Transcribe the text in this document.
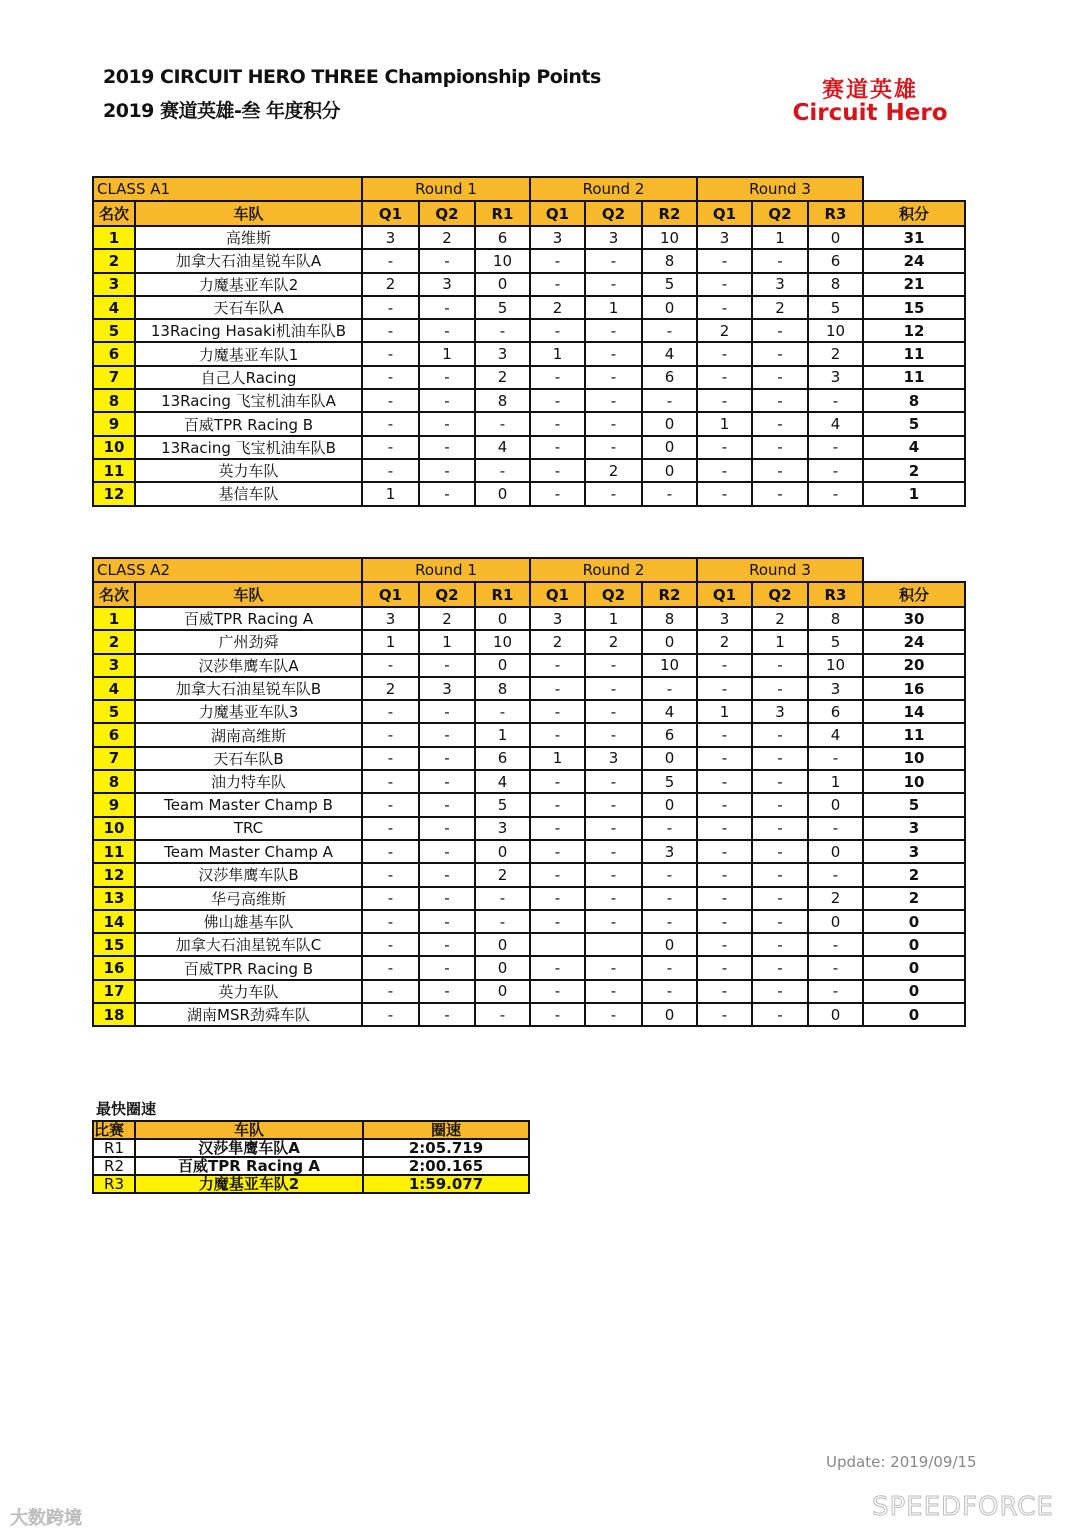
2019 CIRCUIT HERO THREE Championship Points
2019 赛道英雄-叁 年度积分
赛道英雄
Circuit Hero
CLASS A1		Round 1			Round 2			Round 3			
名次	车队	Q1	Q2	R1	Q1	Q2	R2	Q1	Q2	R3	积分
1	高维斯	3	2	6	3	3	10	3	1	0	31
2	加拿大石油星锐车队A	-	-	10	-	-	8	-	-	6	24
3	力魔基亚车队2	2	3	0	-	-	5	-	3	8	21
4	天石车队A	-	-	5	2	1	0	-	2	5	15
5	13Racing Hasaki机油车队B	-	-	-	-	-	-	2	-	10	12
6	力魔基亚车队1	-	1	3	1	-	4	-	-	2	11
7	自己人Racing	-	-	2	-	-	6	-	-	3	11
8	13Racing 飞宝机油车队A	-	-	8	-	-	-	-	-	-	8
9	百威TPR Racing B	-	-	-	-	-	0	1	-	4	5
10	13Racing 飞宝机油车队B	-	-	4	-	-	0	-	-	-	4
11	英力车队	-	-	-	-	2	0	-	-	-	2
12	基信车队	1	-	0	-	-	-	-	-	-	1
CLASS A2		Round 1			Round 2			Round 3			
名次	车队	Q1	Q2	R1	Q1	Q2	R2	Q1	Q2	R3	积分
1	百威TPR Racing A	3	2	0	3	1	8	3	2	8	30
2	广州劲舜	1	1	10	2	2	0	2	1	5	24
3	汉莎隼鹰车队A	-	-	0	-	-	10	-	-	10	20
4	加拿大石油星锐车队B	2	3	8	-	-	-	-	-	3	16
5	力魔基亚车队3	-	-	-	-	-	4	1	3	6	14
6	湖南高维斯	-	-	1	-	-	6	-	-	4	11
7	天石车队B	-	-	6	1	3	0	-	-	-	10
8	油力特车队	-	-	4	-	-	5	-	-	1	10
9	Team Master Champ B	-	-	5	-	-	0	-	-	0	5
10	TRC	-	-	3	-	-	-	-	-	-	3
11	Team Master Champ A	-	-	0	-	-	3	-	-	0	3
12	汉莎隼鹰车队B	-	-	2	-	-	-	-	-	-	2
13	华弓高维斯	-	-	-	-	-	-	-	-	2	2
14	佛山雄基车队	-	-	-	-	-	-	-	-	0	0
15	加拿大石油星锐车队C	-	-	0			0	-	-	-	0
16	百威TPR Racing B	-	-	0	-	-	-	-	-	-	0
17	英力车队	-	-	0	-	-	-	-	-	-	0
18	湖南MSR劲舜车队	-	-	-	-	-	0	-	-	0	0
最快圈速
比赛	车队	圈速
R1	汉莎隼鹰车队A	2:05.719
R2	百威TPR Racing A	2:00.165
R3	力魔基亚车队2	1:59.077
Update: 2019/09/15
SPEEDFORCE
大数跨境
